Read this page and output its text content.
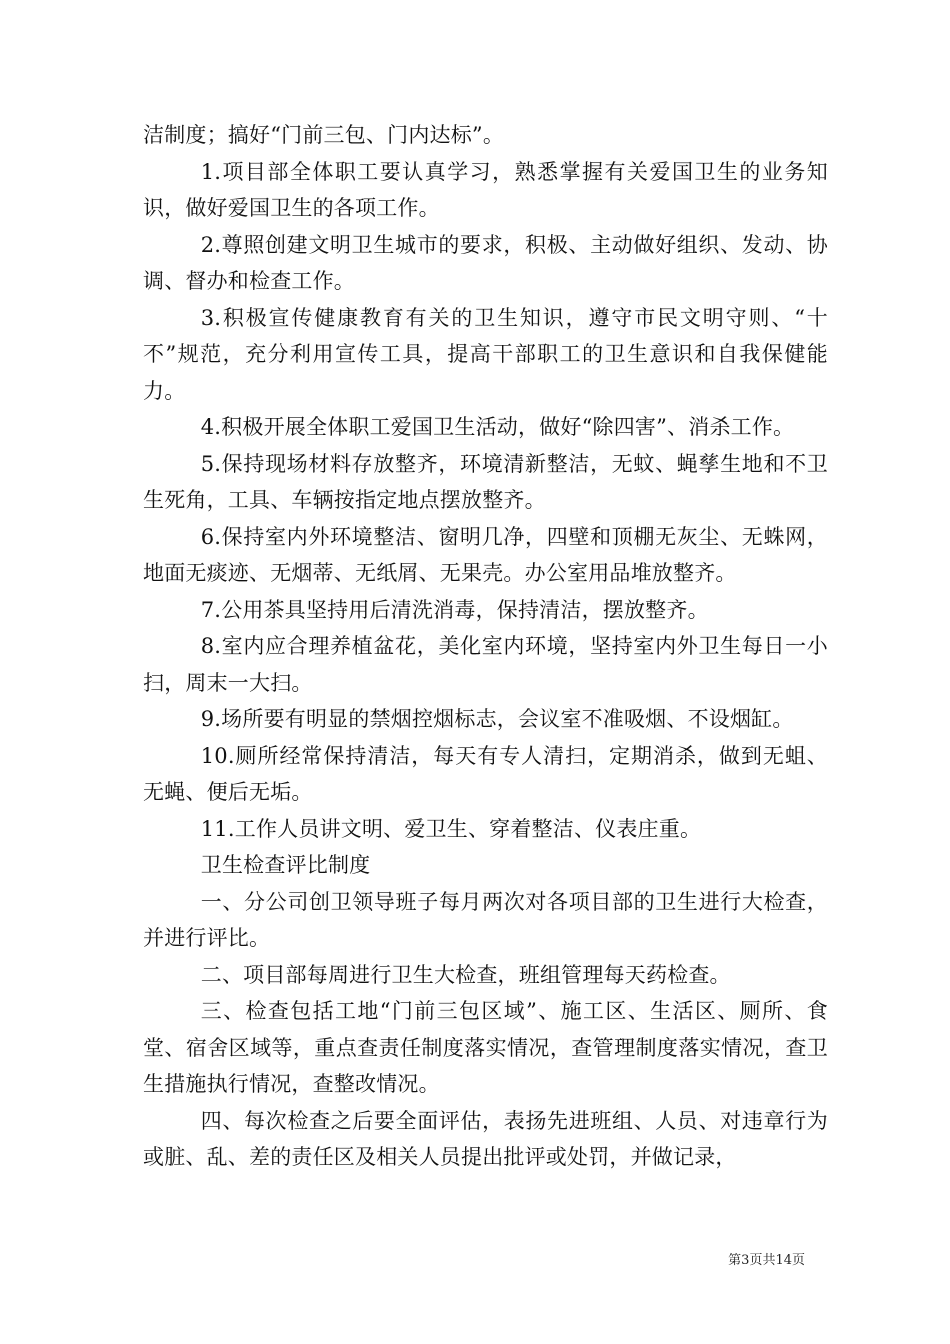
洁制度；搞好“门前三包、门内达标”。

1.项目部全体职工要认真学习，熟悉掌握有关爱国卫生的业务知识，做好爱国卫生的各项工作。

2.尊照创建文明卫生城市的要求，积极、主动做好组织、发动、协调、督办和检查工作。

3.积极宣传健康教育有关的卫生知识，遵守市民文明守则、“十不”规范，充分利用宣传工具，提高干部职工的卫生意识和自我保健能力。

4.积极开展全体职工爱国卫生活动，做好“除四害”、消杀工作。

5.保持现场材料存放整齐，环境清新整洁，无蚊、蝇孳生地和不卫生死角，工具、车辆按指定地点摆放整齐。

6.保持室内外环境整洁、窗明几净，四壁和顶棚无灰尘、无蛛网，地面无痰迹、无烟蒂、无纸屑、无果壳。办公室用品堆放整齐。

7.公用茶具坚持用后清洗消毒，保持清洁，摆放整齐。

8.室内应合理养植盆花，美化室内环境，坚持室内外卫生每日一小扫，周末一大扫。

9.场所要有明显的禁烟控烟标志，会议室不准吸烟、不设烟缸。

10.厕所经常保持清洁，每天有专人清扫，定期消杀，做到无蛆、无蝇、便后无垢。

11.工作人员讲文明、爱卫生、穿着整洁、仪表庄重。

卫生检查评比制度

一、分公司创卫领导班子每月两次对各项目部的卫生进行大检查，并进行评比。

二、项目部每周进行卫生大检查，班组管理每天药检查。

三、检查包括工地“门前三包区域”、施工区、生活区、厕所、食堂、宿舍区域等，重点查责任制度落实情况，查管理制度落实情况，查卫生措施执行情况，查整改情况。

四、每次检查之后要全面评估，表扬先进班组、人员、对违章行为或脏、乱、差的责任区及相关人员提出批评或处罚，并做记录，

第3页共14页
